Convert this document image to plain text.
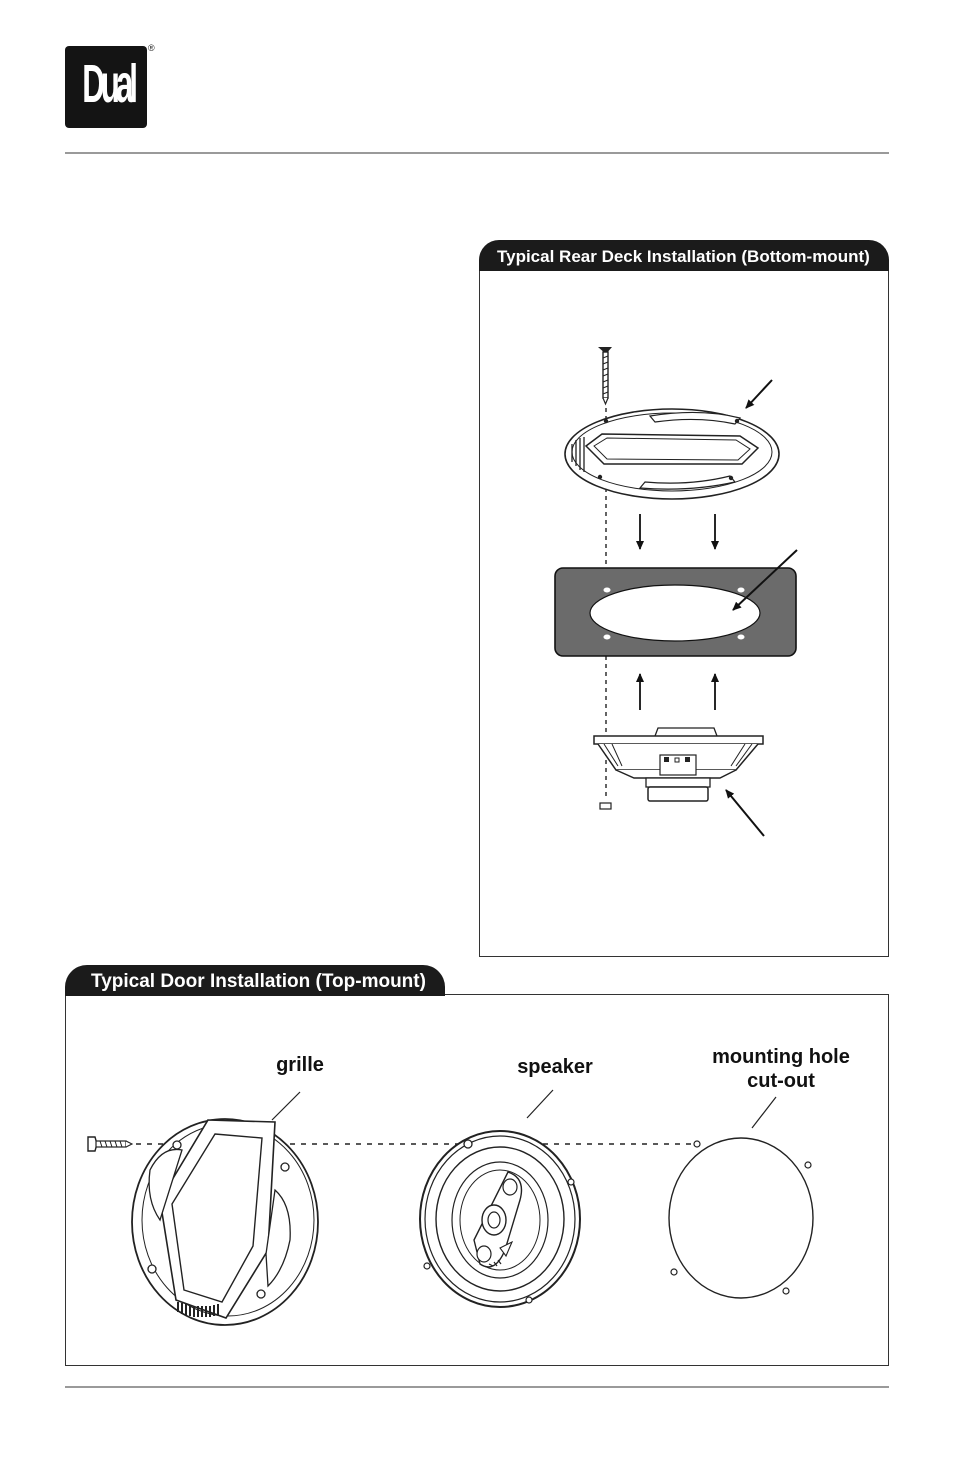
Dual
®
Typical Rear Deck Installation (Bottom-mount)
Typical Door Installation (Top-mount)
grille	speaker	mounting hole
cut-out
